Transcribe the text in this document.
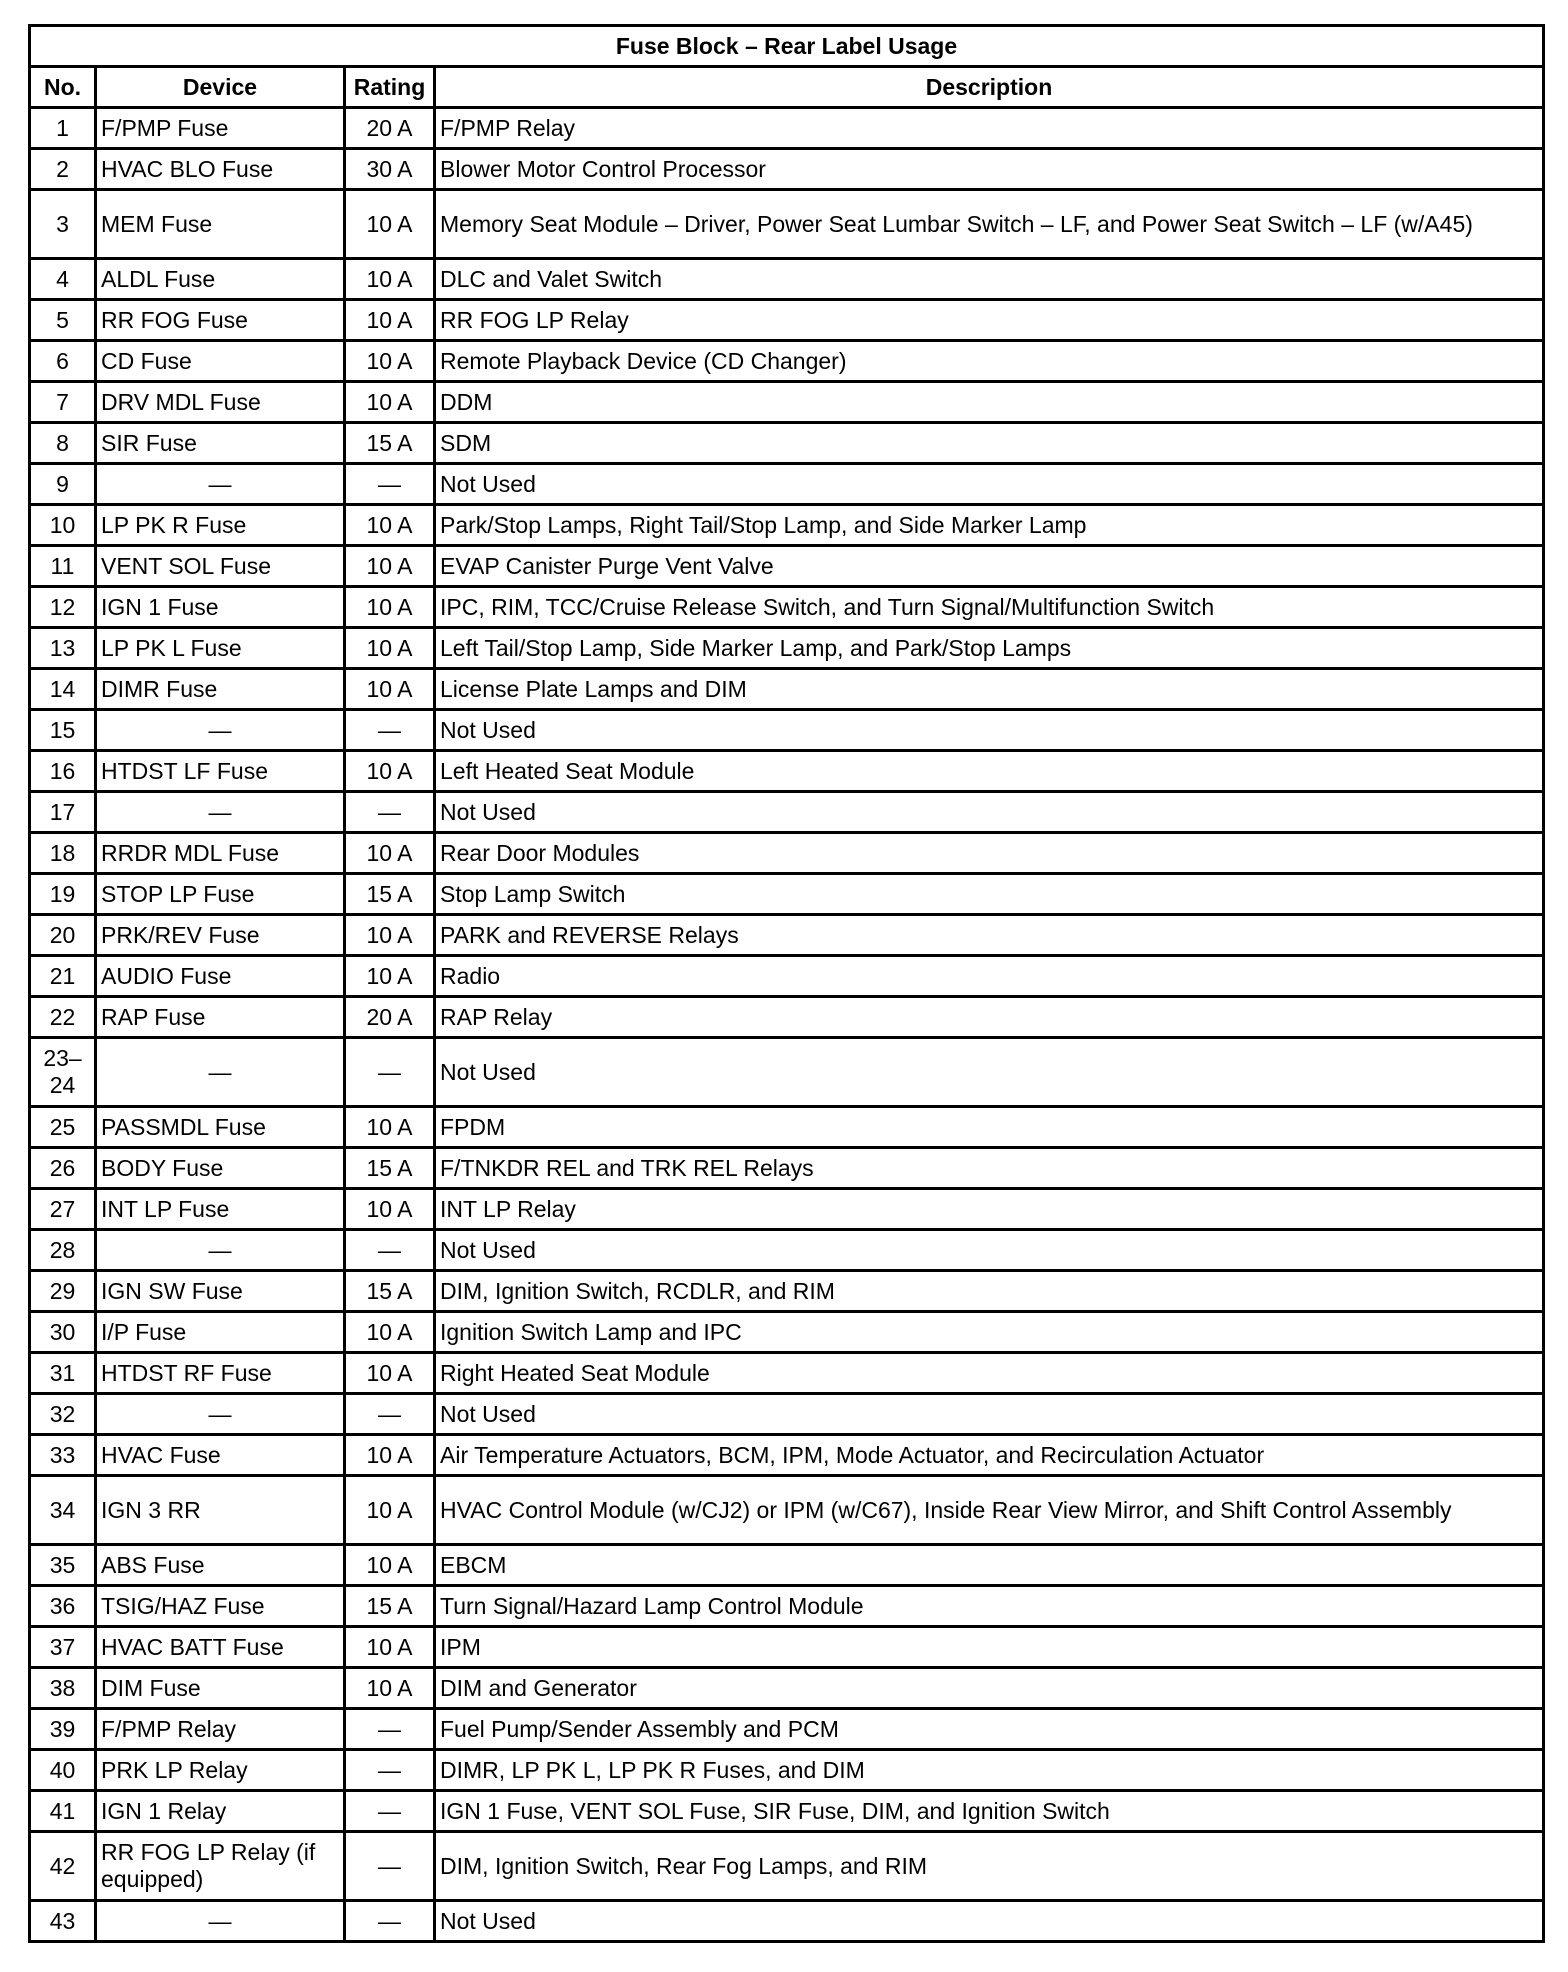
Fuse Block – Rear Label Usage			
No.	Device	Rating	Description
1	F/PMP Fuse	20 A	F/PMP Relay
2	HVAC BLO Fuse	30 A	Blower Motor Control Processor
3	MEM Fuse	10 A	Memory Seat Module – Driver, Power Seat Lumbar Switch – LF, and Power Seat Switch – LF (w/A45)
4	ALDL Fuse	10 A	DLC and Valet Switch
5	RR FOG Fuse	10 A	RR FOG LP Relay
6	CD Fuse	10 A	Remote Playback Device (CD Changer)
7	DRV MDL Fuse	10 A	DDM
8	SIR Fuse	15 A	SDM
9	—	—	Not Used
10	LP PK R Fuse	10 A	Park/Stop Lamps, Right Tail/Stop Lamp, and Side Marker Lamp
11	VENT SOL Fuse	10 A	EVAP Canister Purge Vent Valve
12	IGN 1 Fuse	10 A	IPC, RIM, TCC/Cruise Release Switch, and Turn Signal/Multifunction Switch
13	LP PK L Fuse	10 A	Left Tail/Stop Lamp, Side Marker Lamp, and Park/Stop Lamps
14	DIMR Fuse	10 A	License Plate Lamps and DIM
15	—	—	Not Used
16	HTDST LF Fuse	10 A	Left Heated Seat Module
17	—	—	Not Used
18	RRDR MDL Fuse	10 A	Rear Door Modules
19	STOP LP Fuse	15 A	Stop Lamp Switch
20	PRK/REV Fuse	10 A	PARK and REVERSE Relays
21	AUDIO Fuse	10 A	Radio
22	RAP Fuse	20 A	RAP Relay
23–24	—	—	Not Used
25	PASSMDL Fuse	10 A	FPDM
26	BODY Fuse	15 A	F/TNKDR REL and TRK REL Relays
27	INT LP Fuse	10 A	INT LP Relay
28	—	—	Not Used
29	IGN SW Fuse	15 A	DIM, Ignition Switch, RCDLR, and RIM
30	I/P Fuse	10 A	Ignition Switch Lamp and IPC
31	HTDST RF Fuse	10 A	Right Heated Seat Module
32	—	—	Not Used
33	HVAC Fuse	10 A	Air Temperature Actuators, BCM, IPM, Mode Actuator, and Recirculation Actuator
34	IGN 3 RR	10 A	HVAC Control Module (w/CJ2) or IPM (w/C67), Inside Rear View Mirror, and Shift Control Assembly
35	ABS Fuse	10 A	EBCM
36	TSIG/HAZ Fuse	15 A	Turn Signal/Hazard Lamp Control Module
37	HVAC BATT Fuse	10 A	IPM
38	DIM Fuse	10 A	DIM and Generator
39	F/PMP Relay	—	Fuel Pump/Sender Assembly and PCM
40	PRK LP Relay	—	DIMR, LP PK L, LP PK R Fuses, and DIM
41	IGN 1 Relay	—	IGN 1 Fuse, VENT SOL Fuse, SIR Fuse, DIM, and Ignition Switch
42	RR FOG LP Relay (if equipped)	—	DIM, Ignition Switch, Rear Fog Lamps, and RIM
43	—	—	Not Used
